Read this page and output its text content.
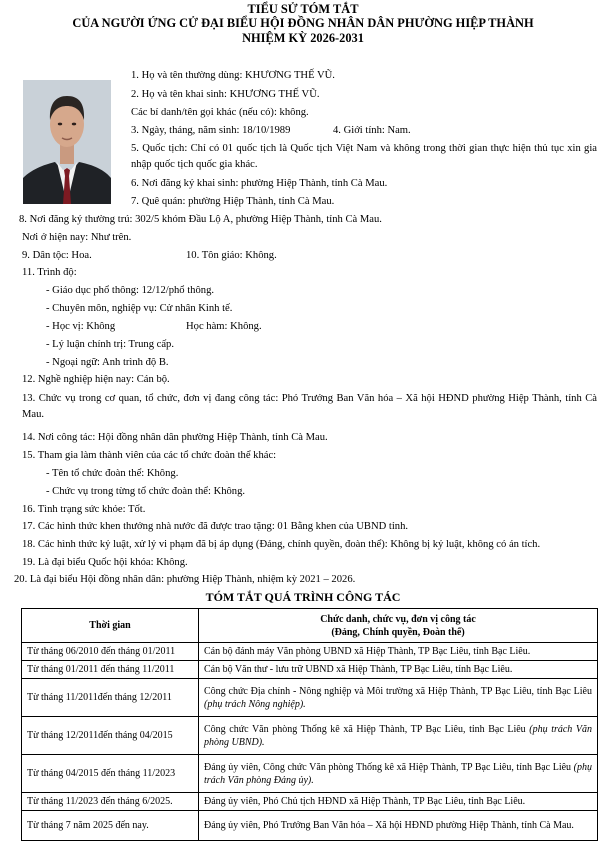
TIỂU SỬ TÓM TẮT
CỦA NGƯỜI ỨNG CỬ ĐẠI BIỂU HỘI ĐỒNG NHÂN DÂN PHƯỜNG HIỆP THÀNH
NHIỆM KỲ 2026-2031
1. Họ và tên thường dùng: KHƯƠNG THẾ VŨ.
2. Họ và tên khai sinh: KHƯƠNG THẾ VŨ.
Các bí danh/tên gọi khác (nếu có): không.
3. Ngày, tháng, năm sinh: 18/10/1989	4. Giới tính: Nam.
5. Quốc tịch: Chỉ có 01 quốc tịch là Quốc tịch Việt Nam và không trong thời gian thực hiện thủ tục xin gia nhập quốc tịch quốc gia khác.
6. Nơi đăng ký khai sinh: phường Hiệp Thành, tỉnh Cà Mau.
7. Quê quán: phường Hiệp Thành, tỉnh Cà Mau.
8. Nơi đăng ký thường trú: 302/5 khóm Đầu Lộ A, phường Hiệp Thành, tỉnh Cà Mau.
Nơi ở hiện nay: Như trên.
9. Dân tộc: Hoa.	10. Tôn giáo: Không.
11. Trình độ:
- Giáo dục phổ thông: 12/12/phổ thông.
- Chuyên môn, nghiệp vụ: Cử nhân Kinh tế.
- Học vị: Không	Học hàm: Không.
- Lý luận chính trị: Trung cấp.
- Ngoại ngữ: Anh trình độ B.
12. Nghề nghiệp hiện nay: Cán bộ.
13. Chức vụ trong cơ quan, tổ chức, đơn vị đang công tác: Phó Trưởng Ban Văn hóa – Xã hội HĐND phường Hiệp Thành, tỉnh Cà Mau.
14. Nơi công tác: Hội đồng nhân dân phường Hiệp Thành, tỉnh Cà Mau.
15. Tham gia làm thành viên của các tổ chức đoàn thể khác:
- Tên tổ chức đoàn thể: Không.
- Chức vụ trong từng tổ chức đoàn thể: Không.
16. Tình trạng sức khỏe: Tốt.
17. Các hình thức khen thưởng nhà nước đã được trao tặng: 01 Bằng khen của UBND tỉnh.
18. Các hình thức kỷ luật, xử lý vi phạm đã bị áp dụng (Đảng, chính quyền, đoàn thể): Không bị kỷ luật, không có án tích.
19. Là đại biểu Quốc hội khóa: Không.
20. Là đại biểu Hội đồng nhân dân: phường Hiệp Thành, nhiệm kỳ 2021 – 2026.
TÓM TẮT QUÁ TRÌNH CÔNG TÁC
Thời gian	Chức danh, chức vụ, đơn vị công tác
(Đảng, Chính quyền, Đoàn thể)

Từ tháng 06/2010 đến tháng 01/2011	Cán bộ đánh máy Văn phòng UBND xã Hiệp Thành, TP Bạc Liêu, tỉnh Bạc Liêu.
Từ tháng 01/2011 đến tháng 11/2011	Cán bộ Văn thư - lưu trữ UBND xã Hiệp Thành, TP Bạc Liêu, tỉnh Bạc Liêu.
Từ tháng 11/2011đến tháng 12/2011	Công chức Địa chính - Nông nghiệp và Môi trường xã Hiệp Thành, TP Bạc Liêu, tỉnh Bạc Liêu (phụ trách Nông nghiệp).
Từ tháng 12/2011đến tháng 04/2015	Công chức Văn phòng Thống kê xã Hiệp Thành, TP Bạc Liêu, tỉnh Bạc Liêu (phụ trách Văn phòng UBND).
Từ tháng 04/2015 đến tháng 11/2023	Đảng ủy viên, Công chức Văn phòng Thống kê xã Hiệp Thành, TP Bạc Liêu, tỉnh Bạc Liêu (phụ trách Văn phòng Đảng ủy).
Từ tháng 11/2023 đến tháng 6/2025.	Đảng ủy viên, Phó Chủ tịch HĐND xã Hiệp Thành, TP Bạc Liêu, tỉnh Bạc Liêu.
Từ tháng 7 năm 2025 đến nay.	Đảng ủy viên, Phó Trưởng Ban Văn hóa – Xã hội HĐND phường Hiệp Thành, tỉnh Cà Mau.
